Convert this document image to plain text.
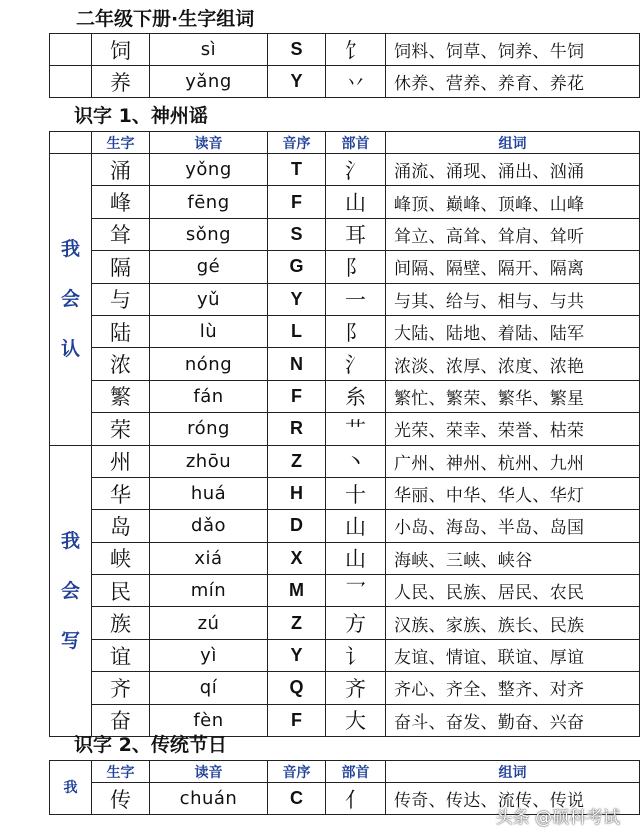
二年级下册·生字组词
	饲	sì	S	饣	饲料、饲草、饲养、牛饲
	养	yǎng	Y	丷	休养、营养、养育、养花
识字 1、神州谣
	生字	读音	音序	部首	组词

我
会
认	涌	yǒng	T	氵	涌流、涌现、涌出、汹涌
	峰	fēng	F	山	峰顶、巅峰、顶峰、山峰
	耸	sǒng	S	耳	耸立、高耸、耸肩、耸听
	隔	gé	G	阝	间隔、隔壁、隔开、隔离
	与	yǔ	Y	一	与其、给与、相与、与共
	陆	lù	L	阝	大陆、陆地、着陆、陆军
	浓	nóng	N	氵	浓淡、浓厚、浓度、浓艳
	繁	fán	F	糸	繁忙、繁荣、繁华、繁星
	荣	róng	R	艹	光荣、荣幸、荣誉、枯荣

我
会
写	州	zhōu	Z	丶	广州、神州、杭州、九州
	华	huá	H	十	华丽、中华、华人、华灯
	岛	dǎo	D	山	小岛、海岛、半岛、岛国
	峡	xiá	X	山	海峡、三峡、峡谷
	民	mín	M	乛	人民、民族、居民、农民
	族	zú	Z	方	汉族、家族、族长、民族
	谊	yì	Y	讠	友谊、情谊、联谊、厚谊
	齐	qí	Q	齐	齐心、齐全、整齐、对齐
	奋	fèn	F	大	奋斗、奋发、勤奋、兴奋
识字 2、传统节日
我	生字	读音	音序	部首	组词
	传	chuán	C	亻	传奇、传达、流传、传说
头条 @硕科考试
